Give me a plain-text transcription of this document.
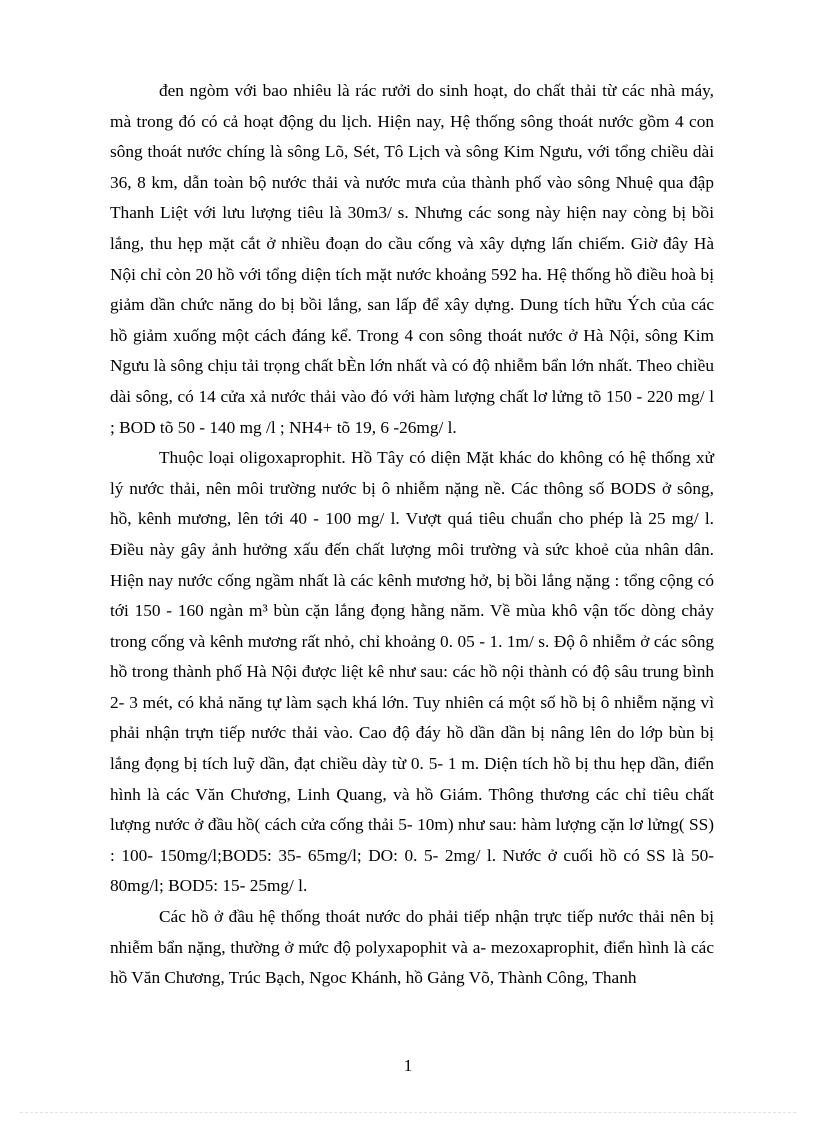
đen ngòm với bao nhiêu là rác rưởi do sinh hoạt, do chất thải từ các nhà máy, mà trong đó có cả hoạt động du lịch. Hiện nay, Hệ thống sông thoát nước gồm 4 con sông thoát nước chíng là sông Lõ, Sét, Tô Lịch và sông Kim Ngưu, với tổng chiều dài 36, 8 km, dẫn toàn bộ nước thải và nước mưa của thành phố vào sông Nhuệ qua đập Thanh Liệt với lưu lượng tiêu là 30m3/ s. Nhưng các song này hiện nay còng bị bồi lắng, thu hẹp mặt cắt ở nhiều đoạn do cầu cống và xây dựng lấn chiếm. Giờ đây Hà Nội chỉ còn 20 hồ với tổng diện tích mặt nước khoảng 592 ha. Hệ thống hồ điều hoà bị giảm dần chức năng do bị bồi lắng, san lấp để xây dựng. Dung tích hữu Ých của các hồ giảm xuống một cách đáng kể. Trong 4 con sông thoát nước ở Hà Nội, sông Kim Ngưu là sông chịu tải trọng chất bÈn lớn nhất và có độ nhiễm bẩn lớn nhất. Theo chiều dài sông, có 14 cửa xả nước thải vào đó với hàm lượng chất lơ lửng tõ 150 - 220 mg/ l ; BOD tõ 50 - 140 mg /l ; NH4+ tõ 19, 6 -26mg/ l.

Thuộc loại oligoxaprophit. Hồ Tây có diện Mặt khác do không có hệ thống xử lý nước thải, nên môi trường nước bị ô nhiễm nặng nề. Các thông số BODS ở sông, hồ, kênh mương, lên tới 40 - 100 mg/ l. Vượt quá tiêu chuẩn cho phép là 25 mg/ l. Điều này gây ảnh hưởng xấu đến chất lượng môi trường và sức khoẻ của nhân dân. Hiện nay nước cống ngầm nhất là các kênh mương hở, bị bồi lắng nặng : tổng cộng có tới 150 - 160 ngàn m³ bùn cặn lắng đọng hằng năm. Về mùa khô vận tốc dòng chảy trong cống và kênh mương rất nhỏ, chỉ khoảng 0. 05 - 1. 1m/ s. Độ ô nhiễm ở các sông hồ trong thành phố Hà Nội được liệt kê như sau: các hồ nội thành có độ sâu trung bình 2- 3 mét, có khả năng tự làm sạch khá lớn. Tuy nhiên cá một số hồ bị ô nhiễm nặng vì phải nhận trựn tiếp nước thải vào. Cao độ đáy hồ dần dần bị nâng lên do lớp bùn bị lắng đọng bị tích luỹ dần, đạt chiều dày từ 0. 5- 1 m. Diện tích hồ bị thu hẹp dần, điển hình là các Văn Chương, Linh Quang, và hồ Giám. Thông thương các chỉ tiêu chất lượng nước ở đầu hồ( cách cửa cống thải 5- 10m) như sau: hàm lượng cặn lơ lửng( SS) : 100- 150mg/l;BOD5: 35- 65mg/l; DO: 0. 5- 2mg/ l. Nước ở cuối hồ có SS là 50- 80mg/l; BOD5: 15- 25mg/ l.

Các hồ ở đầu hệ thống thoát nước do phải tiếp nhận trực tiếp nước thải nên bị nhiễm bẩn nặng, thường ở mức độ polyxapophit và a- mezoxaprophit, điển hình là các hồ Văn Chương, Trúc Bạch, Ngoc Khánh, hồ Gảng Võ, Thành Công, Thanh

1
